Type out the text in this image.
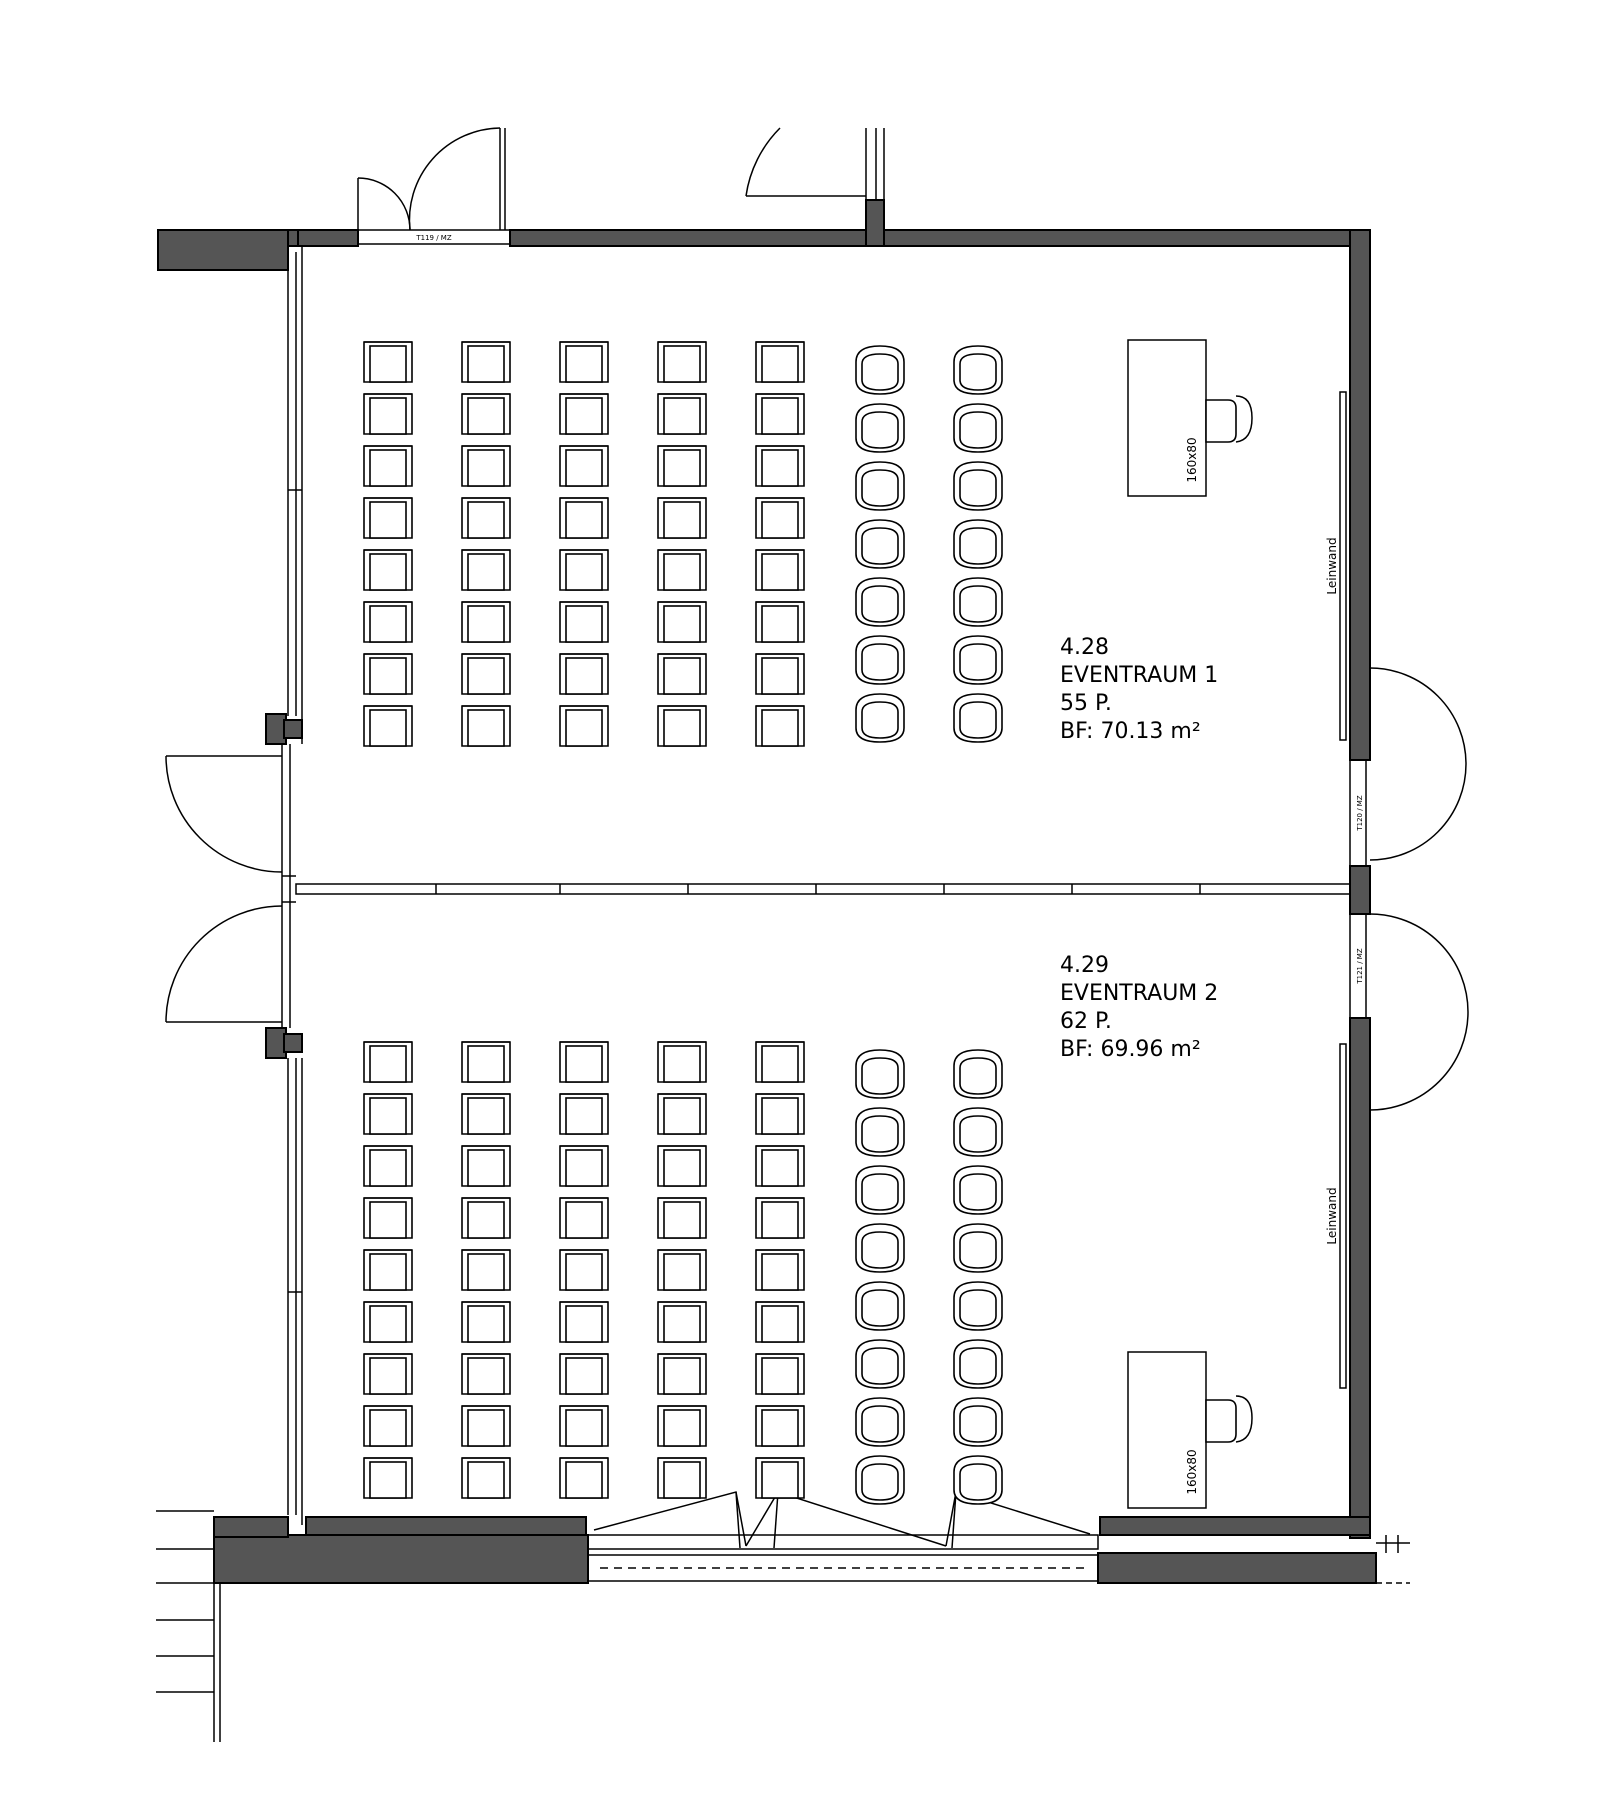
T119 / MZ
T120 / MZ
T121 / MZ
Leinwand
Leinwand
160x80
160x80
4.28
EVENTRAUM 1
55 P.
BF: 70.13 m²
4.29
EVENTRAUM 2
62 P.
BF: 69.96 m²
